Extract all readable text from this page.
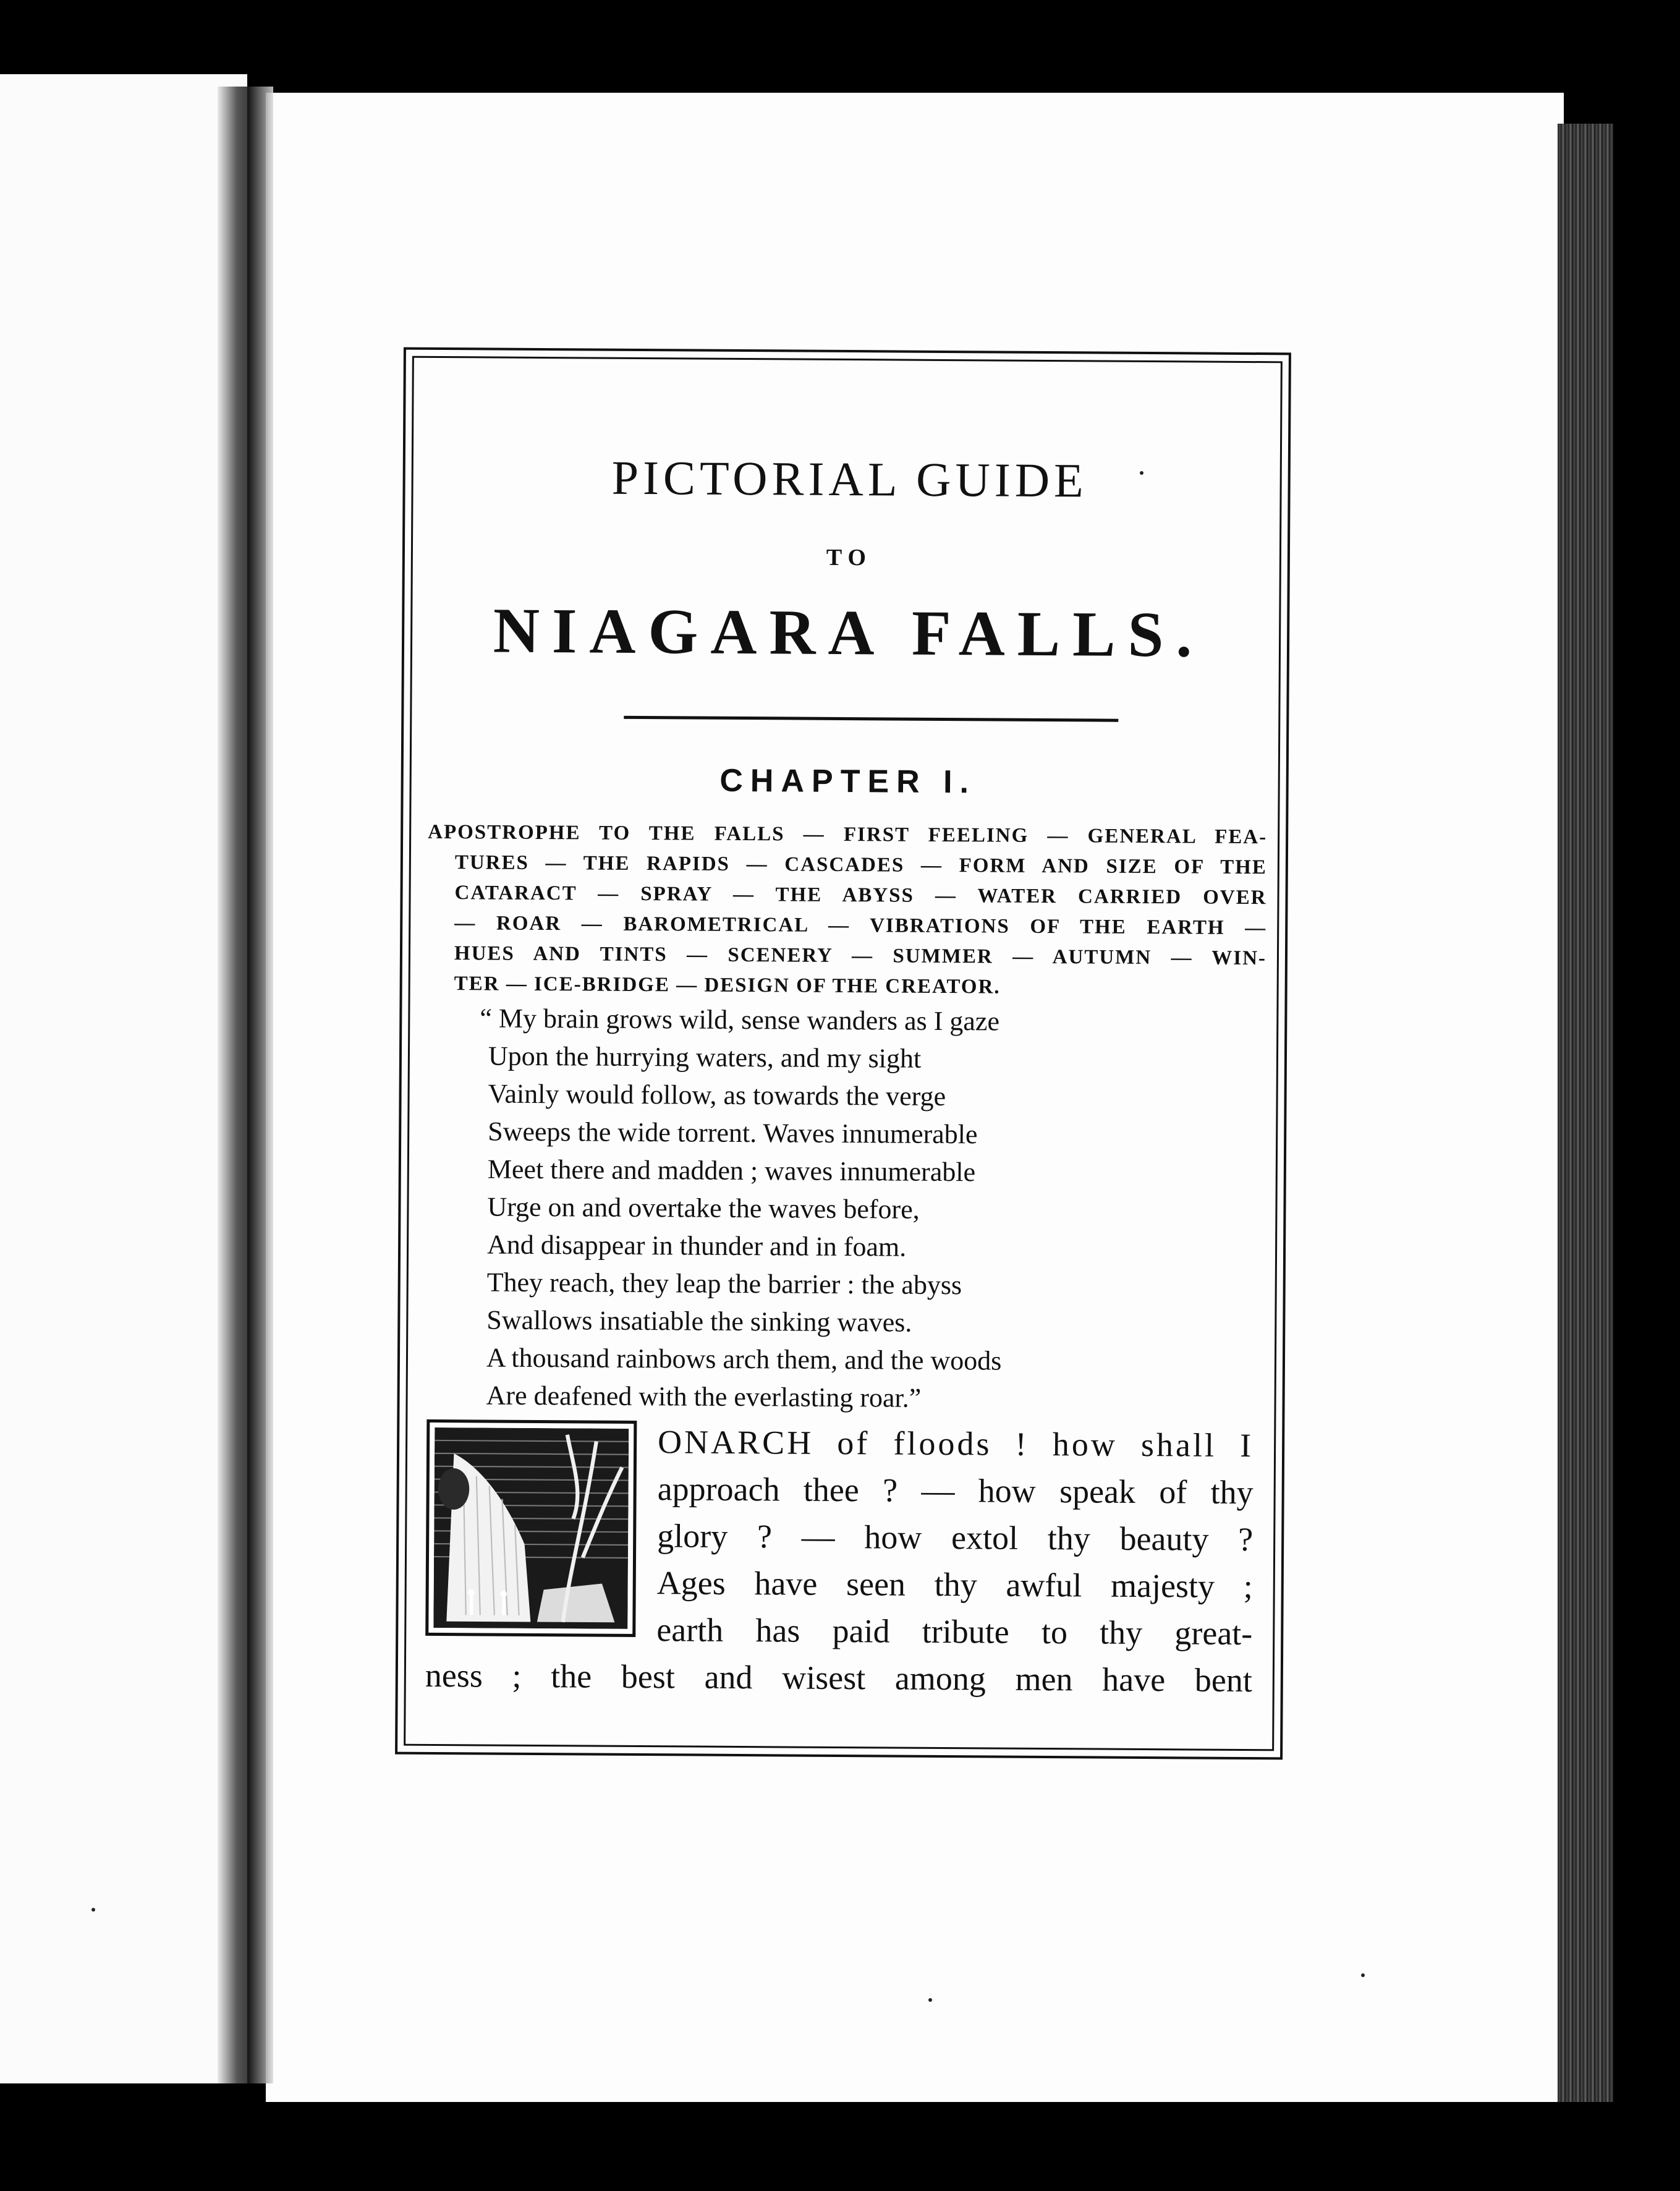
PICTORIAL GUIDE
TO
NIAGARA FALLS.
CHAPTER I.
APOSTROPHE TO THE FALLS — FIRST FEELING — GENERAL FEA-
TURES — THE RAPIDS — CASCADES — FORM AND SIZE OF THE
CATARACT — SPRAY — THE ABYSS — WATER CARRIED OVER
— ROAR — BAROMETRICAL — VIBRATIONS OF THE EARTH —
HUES AND TINTS — SCENERY — SUMMER — AUTUMN — WIN-
TER — ICE-BRIDGE — DESIGN OF THE CREATOR.
“ My brain grows wild, sense wanders as I gaze
Upon the hurrying waters, and my sight
Vainly would follow, as towards the verge
Sweeps the wide torrent. Waves innumerable
Meet there and madden ; waves innumerable
Urge on and overtake the waves before,
And disappear in thunder and in foam.
They reach, they leap the barrier : the abyss
Swallows insatiable the sinking waves.
A thousand rainbows arch them, and the woods
Are deafened with the everlasting roar.”
ONARCH of floods ! how shall I
approach thee ? — how speak of thy
glory ? — how extol thy beauty ?
Ages have seen thy awful majesty ;
earth has paid tribute to thy great-
ness ; the best and wisest among men have bent
